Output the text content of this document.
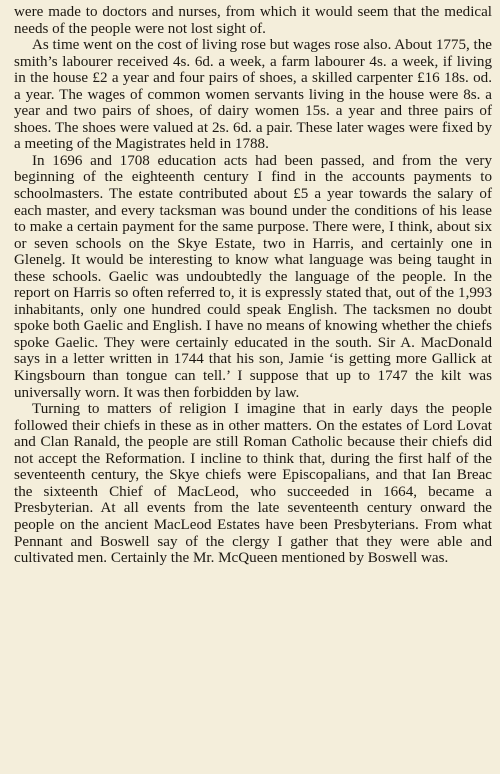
were made to doctors and nurses, from which it would seem that the medical needs of the people were not lost sight of.

As time went on the cost of living rose but wages rose also. About 1775, the smith’s labourer received 4s. 6d. a week, a farm labourer 4s. a week, if living in the house £2 a year and four pairs of shoes, a skilled carpenter £16 18s. od. a year. The wages of common women servants living in the house were 8s. a year and two pairs of shoes, of dairy women 15s. a year and three pairs of shoes. The shoes were valued at 2s. 6d. a pair. These later wages were fixed by a meeting of the Magistrates held in 1788.

In 1696 and 1708 education acts had been passed, and from the very beginning of the eighteenth century I find in the accounts payments to schoolmasters. The estate contributed about £5 a year towards the salary of each master, and every tacksman was bound under the conditions of his lease to make a certain payment for the same purpose. There were, I think, about six or seven schools on the Skye Estate, two in Harris, and certainly one in Glenelg. It would be interesting to know what language was being taught in these schools. Gaelic was undoubtedly the language of the people. In the report on Harris so often referred to, it is expressly stated that, out of the 1,993 inhabitants, only one hundred could speak English. The tacksmen no doubt spoke both Gaelic and English. I have no means of knowing whether the chiefs spoke Gaelic. They were certainly educated in the south. Sir A. MacDonald says in a letter written in 1744 that his son, Jamie ‘is getting more Gallick at Kingsbourn than tongue can tell.’ I suppose that up to 1747 the kilt was universally worn. It was then forbidden by law.

Turning to matters of religion I imagine that in early days the people followed their chiefs in these as in other matters. On the estates of Lord Lovat and Clan Ranald, the people are still Roman Catholic because their chiefs did not accept the Reformation. I incline to think that, during the first half of the seventeenth century, the Skye chiefs were Episcopalians, and that Ian Breac the sixteenth Chief of MacLeod, who succeeded in 1664, became a Presbyterian. At all events from the late seventeenth century onward the people on the ancient MacLeod Estates have been Presbyterians. From what Pennant and Boswell say of the clergy I gather that they were able and cultivated men. Certainly the Mr. McQueen mentioned by Boswell was.
